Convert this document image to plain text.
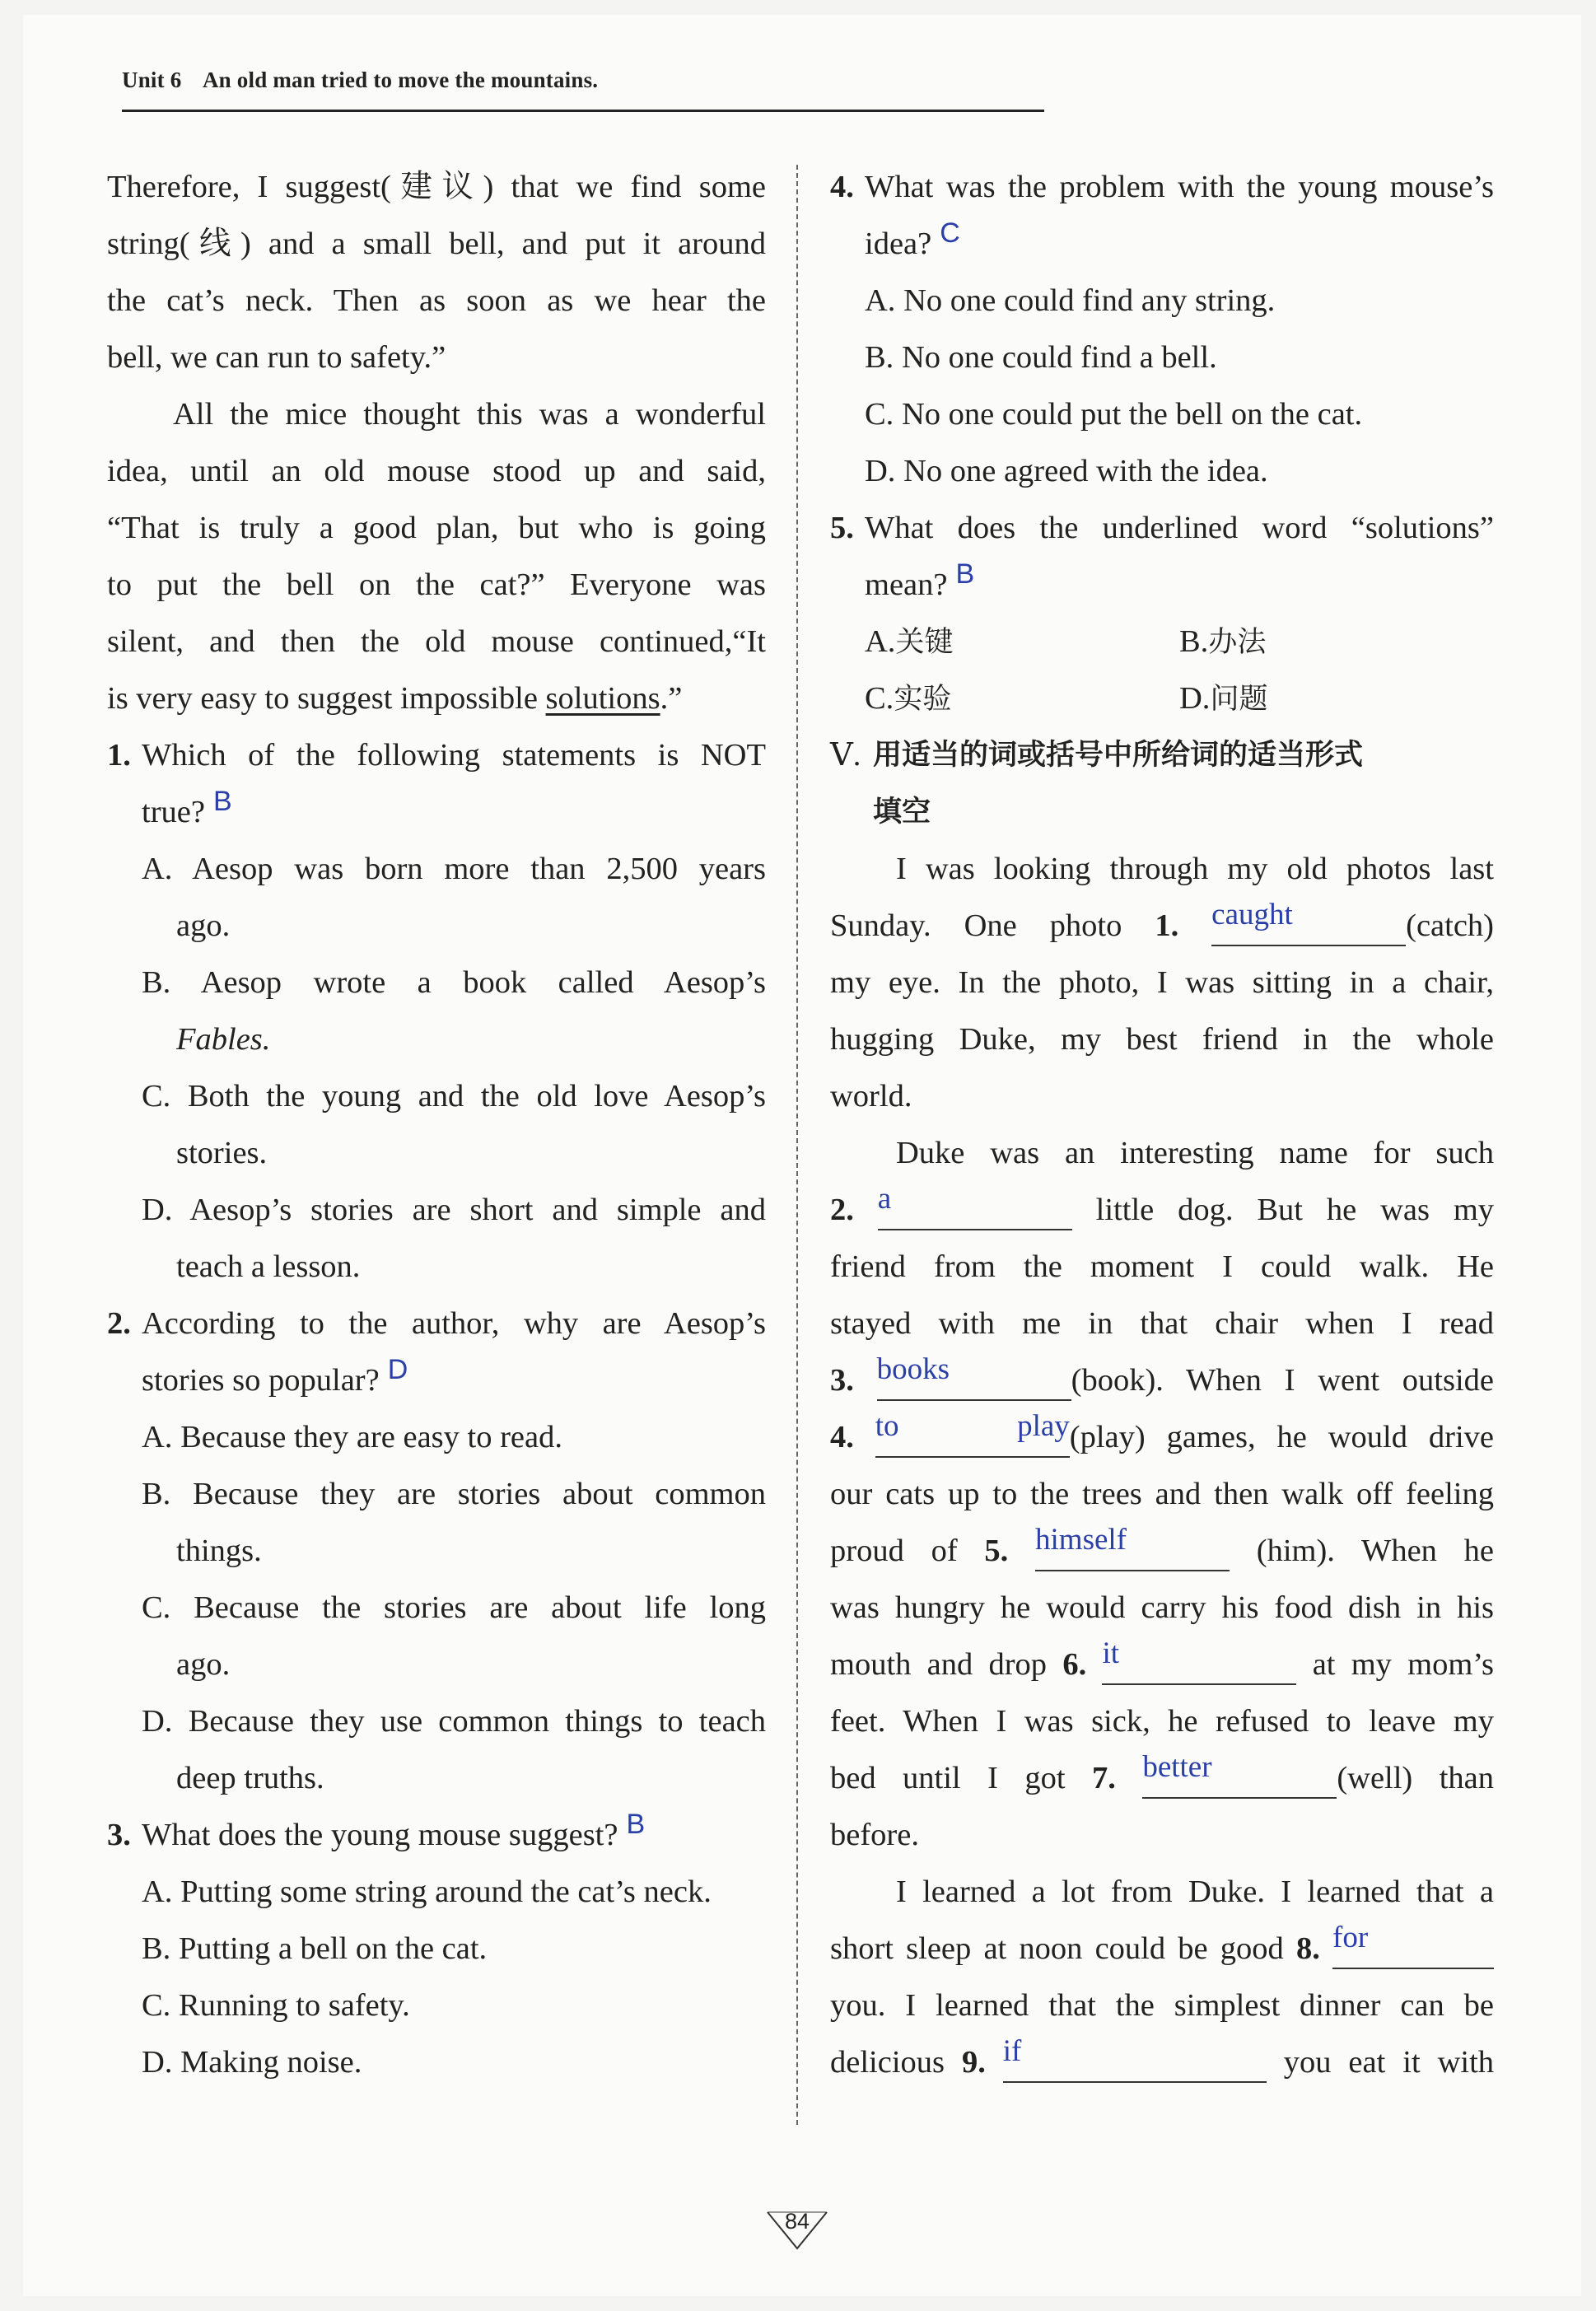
Unit 6 An old man tried to move the mountains.
Therefore, I suggest(建议) that we find some
string(线) and a small bell, and put it around
the cat’s neck. Then as soon as we hear the
bell, we can run to safety.”
All the mice thought this was a wonderful
idea, until an old mouse stood up and said,
“That is truly a good plan, but who is going
to put the bell on the cat?” Everyone was
silent, and then the old mouse continued,“It
is very easy to suggest impossible solutions.”
1. Which of the following statements is NOT
true? B
A. Aesop was born more than 2,500 years
ago.
B. Aesop wrote a book called Aesop’s
Fables.
C. Both the young and the old love Aesop’s
stories.
D. Aesop’s stories are short and simple and
teach a lesson.
2. According to the author, why are Aesop’s
stories so popular? D
A. Because they are easy to read.
B. Because they are stories about common
things.
C. Because the stories are about life long
ago.
D. Because they use common things to teach
deep truths.
3. What does the young mouse suggest? B
A. Putting some string around the cat’s neck.
B. Putting a bell on the cat.
C. Running to safety.
D. Making noise.
4. What was the problem with the young mouse’s
idea? C
A. No one could find any string.
B. No one could find a bell.
C. No one could put the bell on the cat.
D. No one agreed with the idea.
5. What does the underlined word “solutions”
mean? B
A.关键	B.办法
C.实验	D.问题
Ⅴ. 用适当的词或括号中所给词的适当形式
填空
I was looking through my old photos last
Sunday. One photo 1. caught	(catch)
my eye. In the photo, I was sitting in a chair,
hugging Duke, my best friend in the whole
world.
Duke was an interesting name for such
2. a	little dog. But he was my
friend from the moment I could walk. He
stayed with me in that chair when I read
3. books	(book). When I went outside
4. to play(play) games, he would drive
our cats up to the trees and then walk off feeling
proud of 5. himself	(him). When he
was hungry he would carry his food dish in his
mouth and drop 6. it	at my mom’s
feet. When I was sick, he refused to leave my
bed until I got 7. better	(well) than
before.
I learned a lot from Duke. I learned that a
short sleep at noon could be good 8. for
you. I learned that the simplest dinner can be
delicious 9. if	you eat it with
84
